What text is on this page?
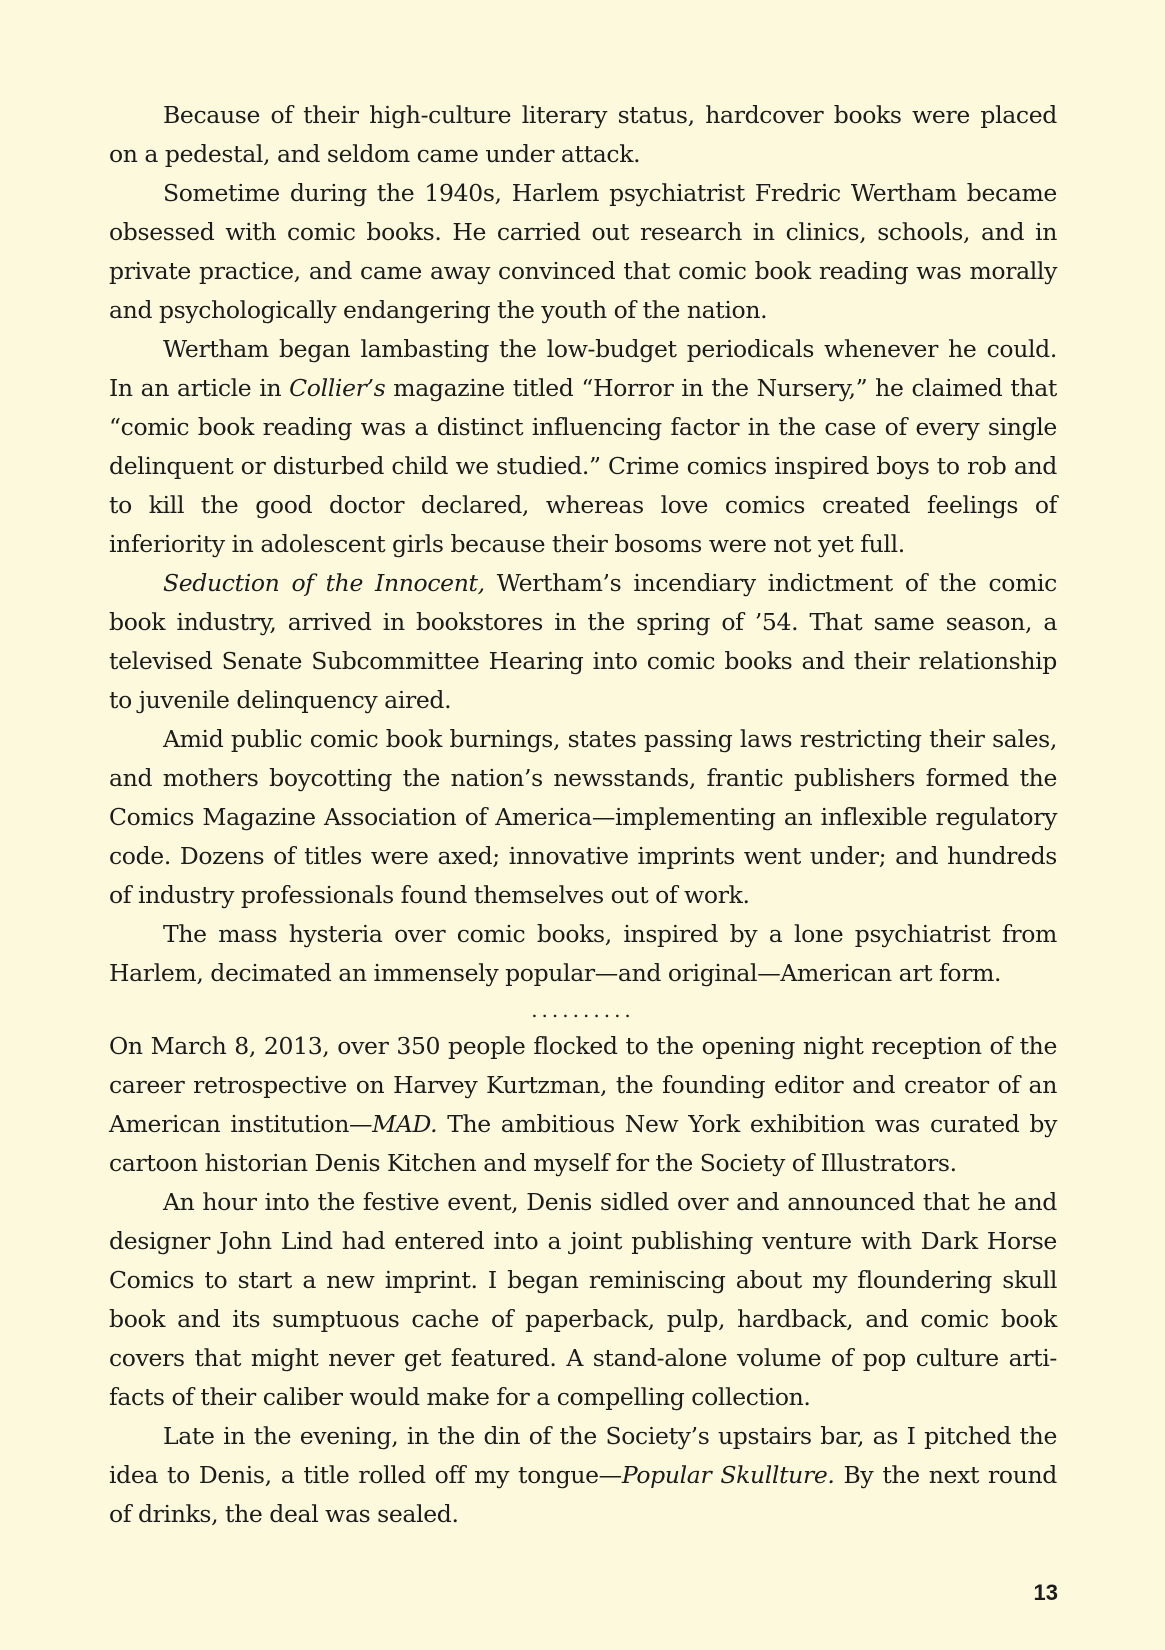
Because of their high-culture literary status, hardcover books were placed on a pedestal, and seldom came under attack.

Sometime during the 1940s, Harlem psychiatrist Fredric Wertham became obsessed with comic books. He carried out research in clinics, schools, and in private practice, and came away convinced that comic book reading was morally and psychologically endangering the youth of the nation.

Wertham began lambasting the low-budget periodicals whenever he could. In an article in Collier’s magazine titled “Horror in the Nursery,” he claimed that “comic book reading was a distinct influencing factor in the case of every single delinquent or disturbed child we studied.” Crime comics inspired boys to rob and to kill the good doctor declared, whereas love comics created feelings of inferiority in adolescent girls because their bosoms were not yet full.

Seduction of the Innocent, Wertham’s incendiary indictment of the comic book industry, arrived in bookstores in the spring of ’54. That same season, a televised Senate Subcommittee Hearing into comic books and their relationship to juvenile delinquency aired.

Amid public comic book burnings, states passing laws restricting their sales, and mothers boycotting the nation’s newsstands, frantic publishers formed the Comics Magazine Association of America—implementing an inflexible regulatory code. Dozens of titles were axed; innovative imprints went under; and hundreds of industry professionals found themselves out of work.

The mass hysteria over comic books, inspired by a lone psychiatrist from Harlem, decimated an immensely popular—and original—American art form.

..........

On March 8, 2013, over 350 people flocked to the opening night reception of the career retrospective on Harvey Kurtzman, the founding editor and creator of an American institution—MAD. The ambitious New York exhibition was curated by cartoon historian Denis Kitchen and myself for the Society of Illustrators.

An hour into the festive event, Denis sidled over and announced that he and designer John Lind had entered into a joint publishing venture with Dark Horse Comics to start a new imprint. I began reminiscing about my floundering skull book and its sumptuous cache of paperback, pulp, hardback, and comic book covers that might never get featured. A stand-alone volume of pop culture arti-facts of their caliber would make for a compelling collection.

Late in the evening, in the din of the Society’s upstairs bar, as I pitched the idea to Denis, a title rolled off my tongue—Popular Skullture. By the next round of drinks, the deal was sealed.

13
